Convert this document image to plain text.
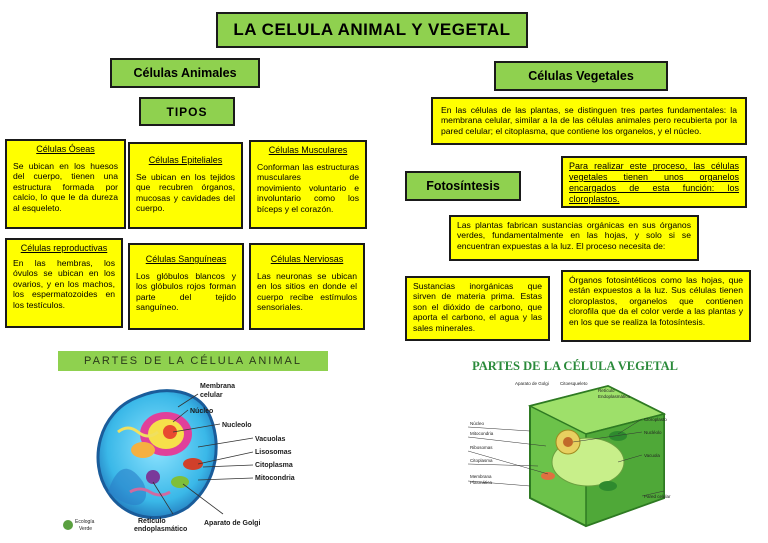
LA CELULA ANIMAL Y VEGETAL
Células Animales
TIPOS
Células Óseas
Se ubican en los huesos del cuerpo, tienen una estructura formada por calcio, lo que le da dureza al esqueleto.
Células Epiteliales
Se ubican en los tejidos que recubren órganos, mucosas y cavidades del cuerpo.
Células Musculares
Conforman las estructuras musculares de movimiento voluntario e involuntario como los bíceps y el corazón.
Células reproductivas
En las hembras, los óvulos se ubican en los ovarios, y en los machos, los espermatozoides en los testículos.
Células Sanguíneas
Los glóbulos blancos y los glóbulos rojos forman parte del tejido sanguíneo.
Células Nerviosas
Las neuronas se ubican en los sitios en donde el cuerpo recibe estímulos sensoriales.
Células Vegetales
En las células de las plantas, se distinguen tres partes fundamentales: la membrana celular, similar a la de las células animales pero recubierta por la pared celular; el citoplasma, que contiene los organelos, y el núcleo.
Fotosíntesis
Para realizar este proceso, las células vegetales tienen unos organelos encargados de esta función: los cloroplastos.
Las plantas fabrican sustancias orgánicas en sus órganos verdes, fundamentalmente en las hojas, y solo si se encuentran expuestas a la luz. El proceso necesita de:
Sustancias inorgánicas que sirven de materia prima. Estas son el dióxido de carbono, que aporta el carbono, el agua y las sales minerales.
Órganos fotosintéticos como las hojas, que están expuestos a la luz. Sus células tienen cloroplastos, organelos que contienen clorofila que da el color verde a las plantas y en los que se realiza la fotosíntesis.
PARTES DE LA CÉLULA ANIMAL
Membrana
celular
Núcleo
Nucleolo
Vacuolas
Lisosomas
Citoplasma
Mitocondria
Retículo
endoplasmático
Aparato de Golgi
Ecología
Verde
PARTES DE LA CÉLULA VEGETAL
Aparato de Golgi Citoesqueleto
Retículo
Endoplasmático
Cloroplasto
Nucléolo
Vacuola
Pared celular
Núcleo
Mitocondria
Ribosomas
Citoplasma
Membrana
Plasmática
